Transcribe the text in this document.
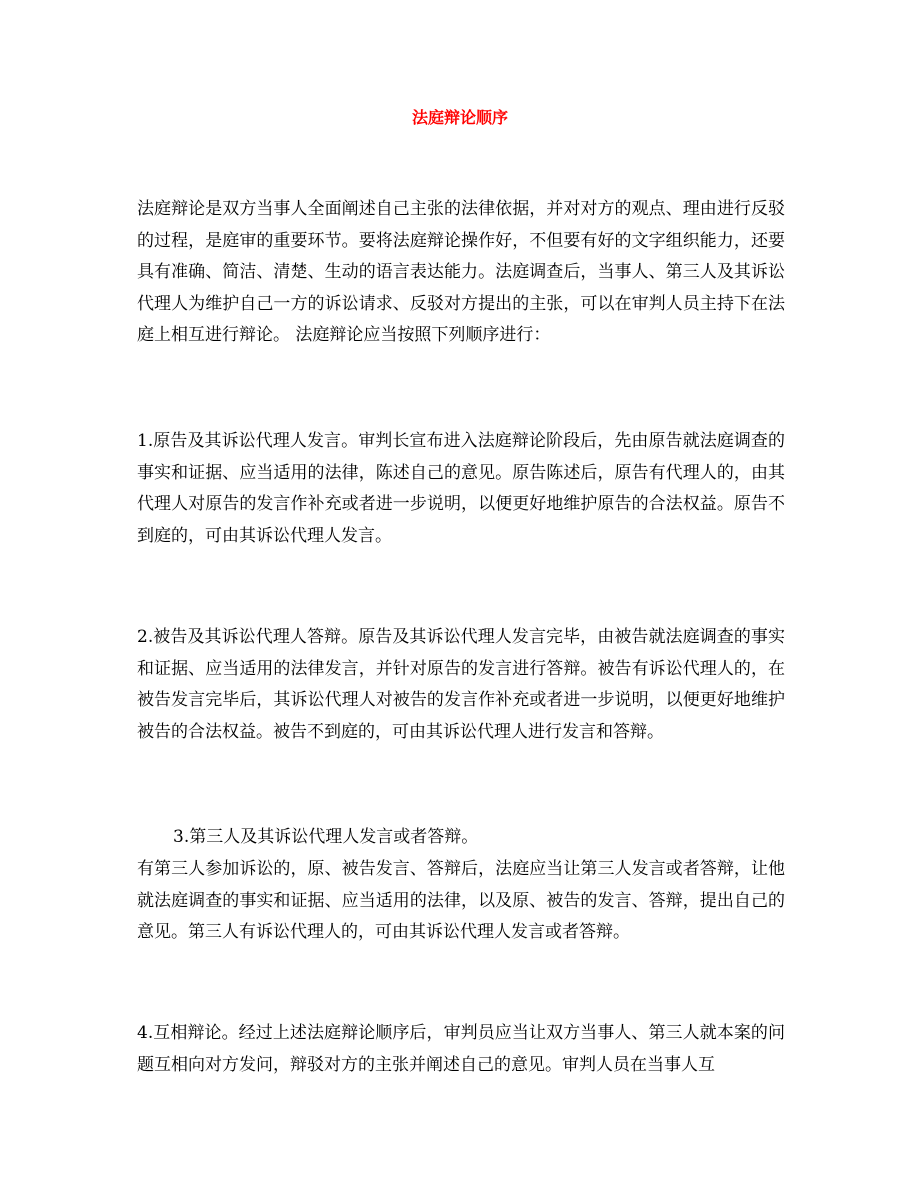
法庭辩论顺序

法庭辩论是双方当事人全面阐述自己主张的法律依据，并对对方的观点、理由进行反驳的过程，是庭审的重要环节。要将法庭辩论操作好，不但要有好的文字组织能力，还要具有准确、简洁、清楚、生动的语言表达能力。法庭调查后，当事人、第三人及其诉讼代理人为维护自己一方的诉讼请求、反驳对方提出的主张，可以在审判人员主持下在法庭上相互进行辩论。 法庭辩论应当按照下列顺序进行：

1.原告及其诉讼代理人发言。审判长宣布进入法庭辩论阶段后，先由原告就法庭调查的事实和证据、应当适用的法律，陈述自己的意见。原告陈述后，原告有代理人的，由其代理人对原告的发言作补充或者进一步说明，以便更好地维护原告的合法权益。原告不到庭的，可由其诉讼代理人发言。

2.被告及其诉讼代理人答辩。原告及其诉讼代理人发言完毕，由被告就法庭调查的事实和证据、应当适用的法律发言，并针对原告的发言进行答辩。被告有诉讼代理人的，在被告发言完毕后，其诉讼代理人对被告的发言作补充或者进一步说明，以便更好地维护被告的合法权益。被告不到庭的，可由其诉讼代理人进行发言和答辩。

3.第三人及其诉讼代理人发言或者答辩。

有第三人参加诉讼的，原、被告发言、答辩后，法庭应当让第三人发言或者答辩，让他就法庭调查的事实和证据、应当适用的法律，以及原、被告的发言、答辩，提出自己的意见。第三人有诉讼代理人的，可由其诉讼代理人发言或者答辩。

4.互相辩论。经过上述法庭辩论顺序后，审判员应当让双方当事人、第三人就本案的问题互相向对方发问，辩驳对方的主张并阐述自己的意见。审判人员在当事人互
